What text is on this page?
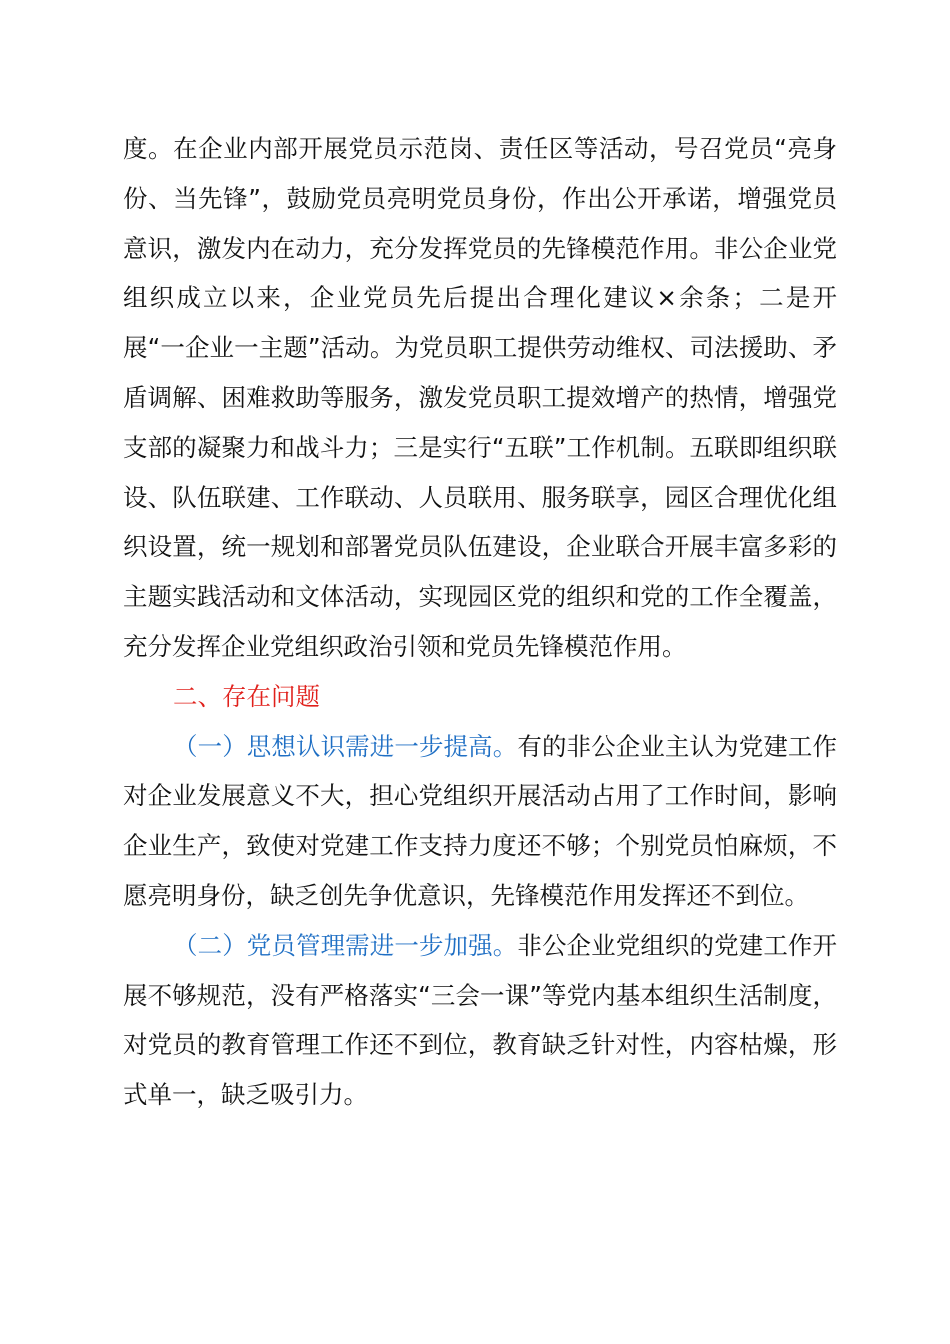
度。在企业内部开展党员示范岗、责任区等活动，号召党员“亮身份、当先锋”，鼓励党员亮明党员身份，作出公开承诺，增强党员意识，激发内在动力，充分发挥党员的先锋模范作用。非公企业党组织成立以来，企业党员先后提出合理化建议×余条；二是开展“一企业一主题”活动。为党员职工提供劳动维权、司法援助、矛盾调解、困难救助等服务，激发党员职工提效增产的热情，增强党支部的凝聚力和战斗力；三是实行“五联”工作机制。五联即组织联设、队伍联建、工作联动、人员联用、服务联享，园区合理优化组织设置，统一规划和部署党员队伍建设，企业联合开展丰富多彩的主题实践活动和文体活动，实现园区党的组织和党的工作全覆盖，充分发挥企业党组织政治引领和党员先锋模范作用。

二、存在问题

（一）思想认识需进一步提高。有的非公企业主认为党建工作对企业发展意义不大，担心党组织开展活动占用了工作时间，影响企业生产，致使对党建工作支持力度还不够；个别党员怕麻烦，不愿亮明身份，缺乏创先争优意识，先锋模范作用发挥还不到位。

（二）党员管理需进一步加强。非公企业党组织的党建工作开展不够规范，没有严格落实“三会一课”等党内基本组织生活制度，对党员的教育管理工作还不到位，教育缺乏针对性，内容枯燥，形式单一，缺乏吸引力。
